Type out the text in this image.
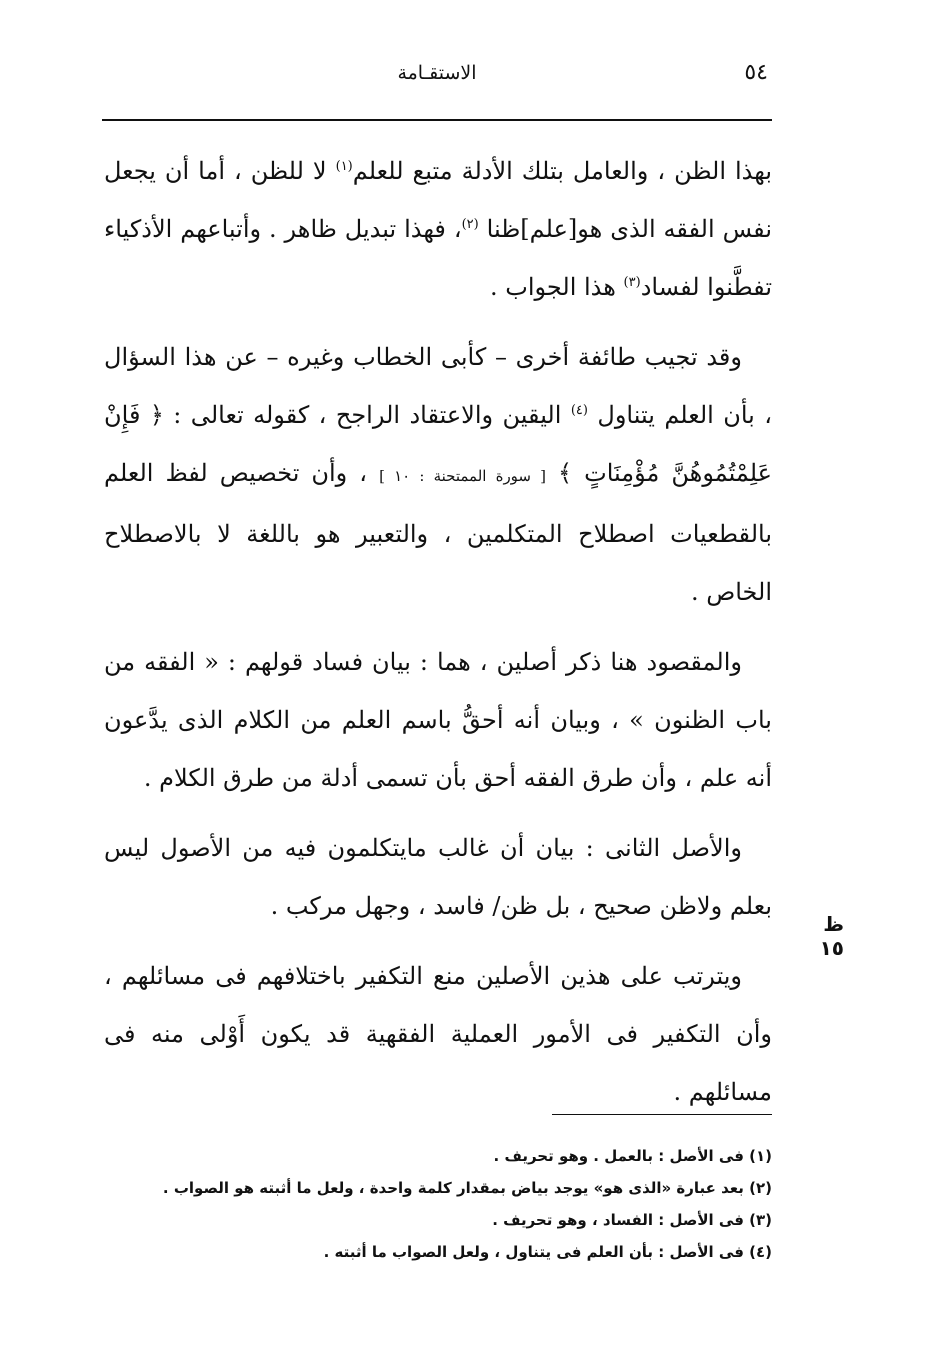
٥٤
الاستقـامة

بهذا الظن ، والعامل بتلك الأدلة متبع للعلم$^{(١)}$ لا للظن ، أما أن يجعل نفس الفقه الذى هو[علم]ظنا $^{(٢)}$، فهذا تبديل ظاهر . وأتباعهم الأذكياء تفطَّنوا لفساد$^{(٣)}$ هذا الجواب .

وقد تجيب طائفة أخرى – كأبى الخطاب وغيره – عن هذا السؤال ، بأن العلم يتناول $^{(٤)}$ اليقين والاعتقاد الراجح ، كقوله تعالى : ﴿ فَإِنْ عَلِمْتُمُوهُنَّ مُؤْمِنَاتٍ ﴾ [ سورة الممتحنة : ١٠ ] ، وأن تخصيص لفظ العلم بالقطعيات اصطلاح المتكلمين ، والتعبير هو باللغة لا بالاصطلاح الخاص .

والمقصود هنا ذكر أصلين ، هما : بيان فساد قولهم : « الفقه من باب الظنون » ، وبيان أنه أحقُّ باسم العلم من الكلام الذى يدَّعون أنه علم ، وأن طرق الفقه أحق بأن تسمى أدلة من طرق الكلام .

والأصل الثانى : بيان أن غالب مايتكلمون فيه من الأصول ليس بعلم ولاظن صحيح ، بل ظن/ فاسد ، وجهل مركب .

ويترتب على هذين الأصلين منع التكفير باختلافهم فى مسائلهم ، وأن التكفير فى الأمور العملية الفقهية قد يكون أَوْلى منه فى مسائلهم .

ظ ١٥

(١) فى الأصل : بالعمل . وهو تحريف .

(٢) بعد عبارة «الذى هو» يوجد بياض بمقدار كلمة واحدة ، ولعل ما أثبته هو الصواب .

(٣) فى الأصل : الفساد ، وهو تحريف .

(٤) فى الأصل : بأن العلم فى يتناول ، ولعل الصواب ما أثبته .
